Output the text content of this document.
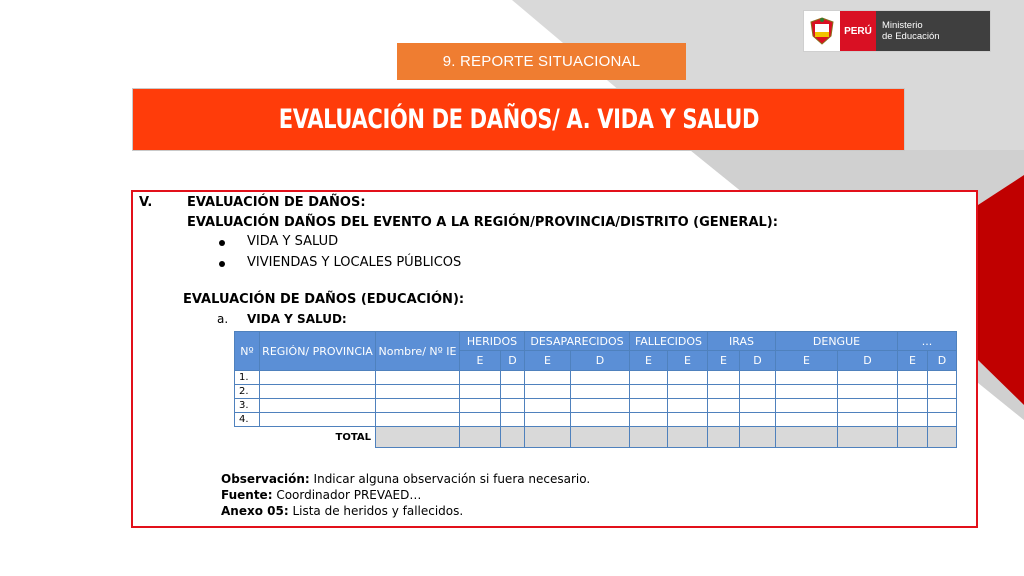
PERÚ	Ministerio
de Educación
9. REPORTE SITUACIONAL
EVALUACIÓN DE DAÑOS/ A. VIDA Y SALUD
V.	EVALUACIÓN DE DAÑOS:
EVALUACIÓN DAÑOS DEL EVENTO A LA REGIÓN/PROVINCIA/DISTRITO (GENERAL):
VIDA Y SALUD
VIVIENDAS Y LOCALES PÚBLICOS
EVALUACIÓN DE DAÑOS (EDUCACIÓN):
a. VIDA Y SALUD:
Nº	REGIÓN/ PROVINCIA	Nombre/ Nº IE	HERIDOS		DESAPARECIDOS		FALLECIDOS		IRAS		DENGUE		...	
			E	D	E	D	E	E	E	D	E	D	E	D
1.														
2.														
3.														
4.														
TOTAL														
Observación: Indicar alguna observación si fuera necesario.
Fuente: Coordinador PREVAED…
Anexo 05: Lista de heridos y fallecidos.
